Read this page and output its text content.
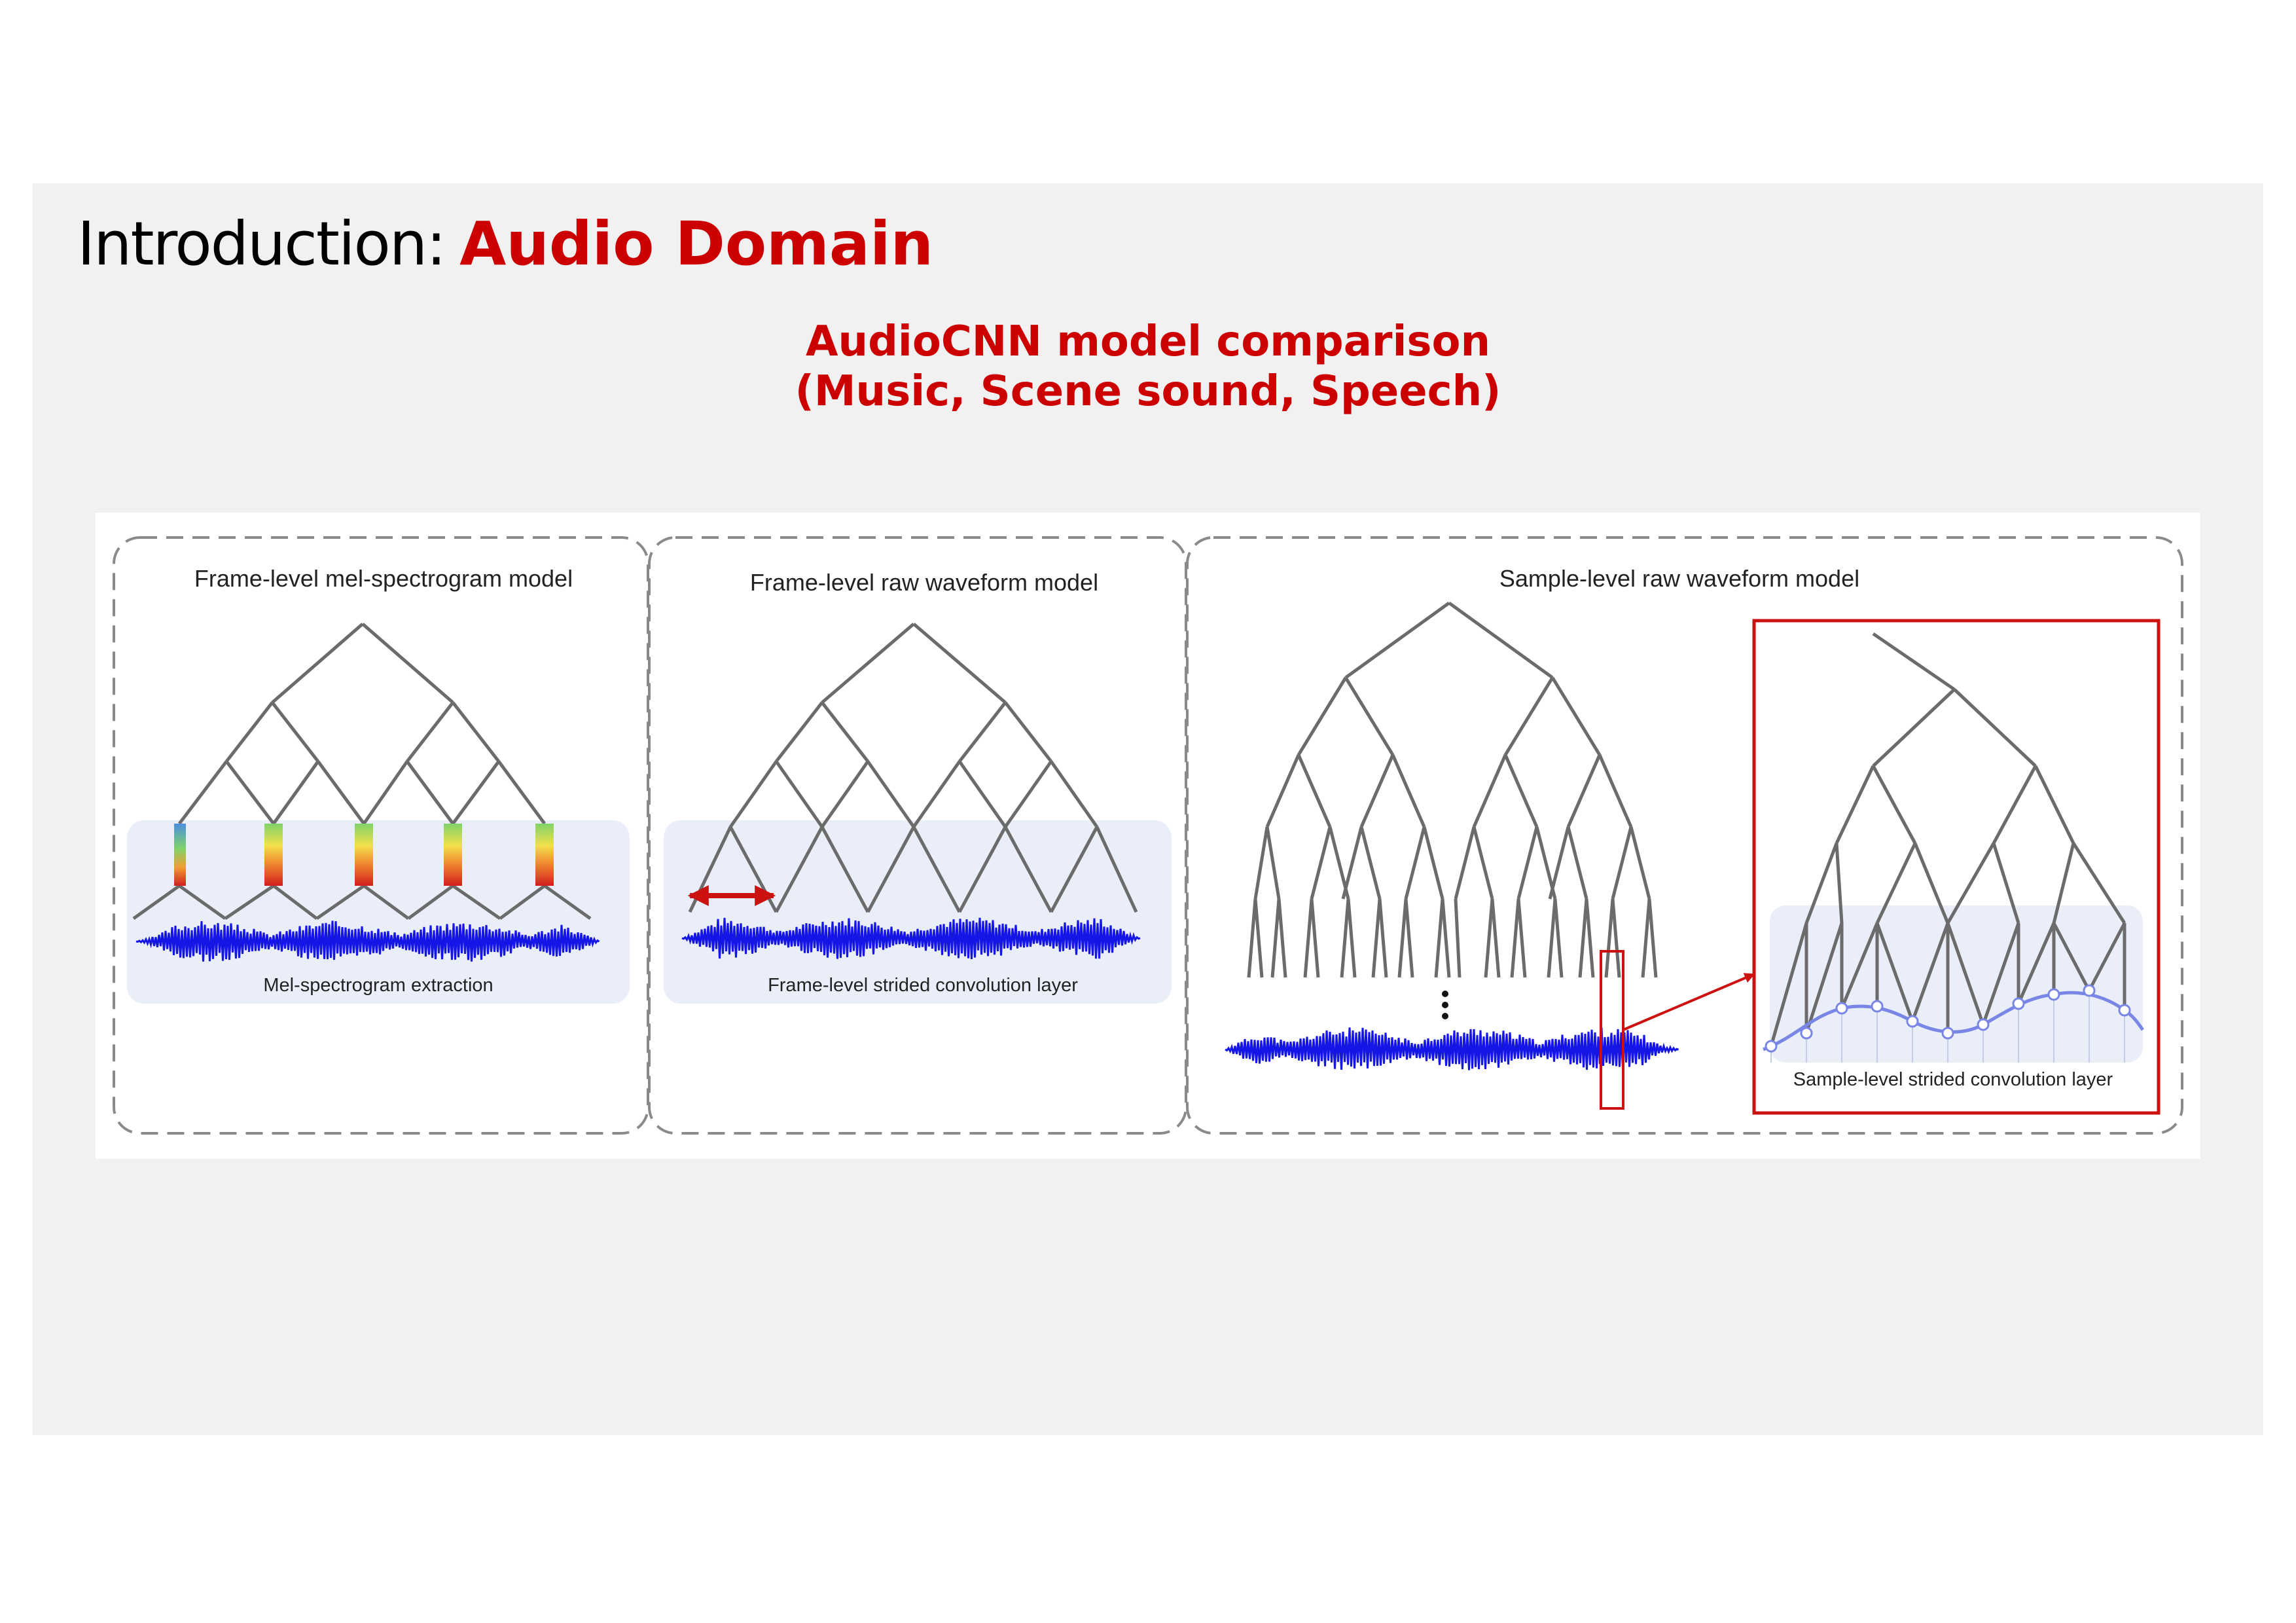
Introduction: Audio Domain
AudioCNN model comparison
(Music, Scene sound, Speech)
Frame-level mel-spectrogram model	Frame-level raw waveform model	Sample-level raw waveform model
Mel-spectrogram extraction	Frame-level strided convolution layer
Sample-level strided convolution layer
